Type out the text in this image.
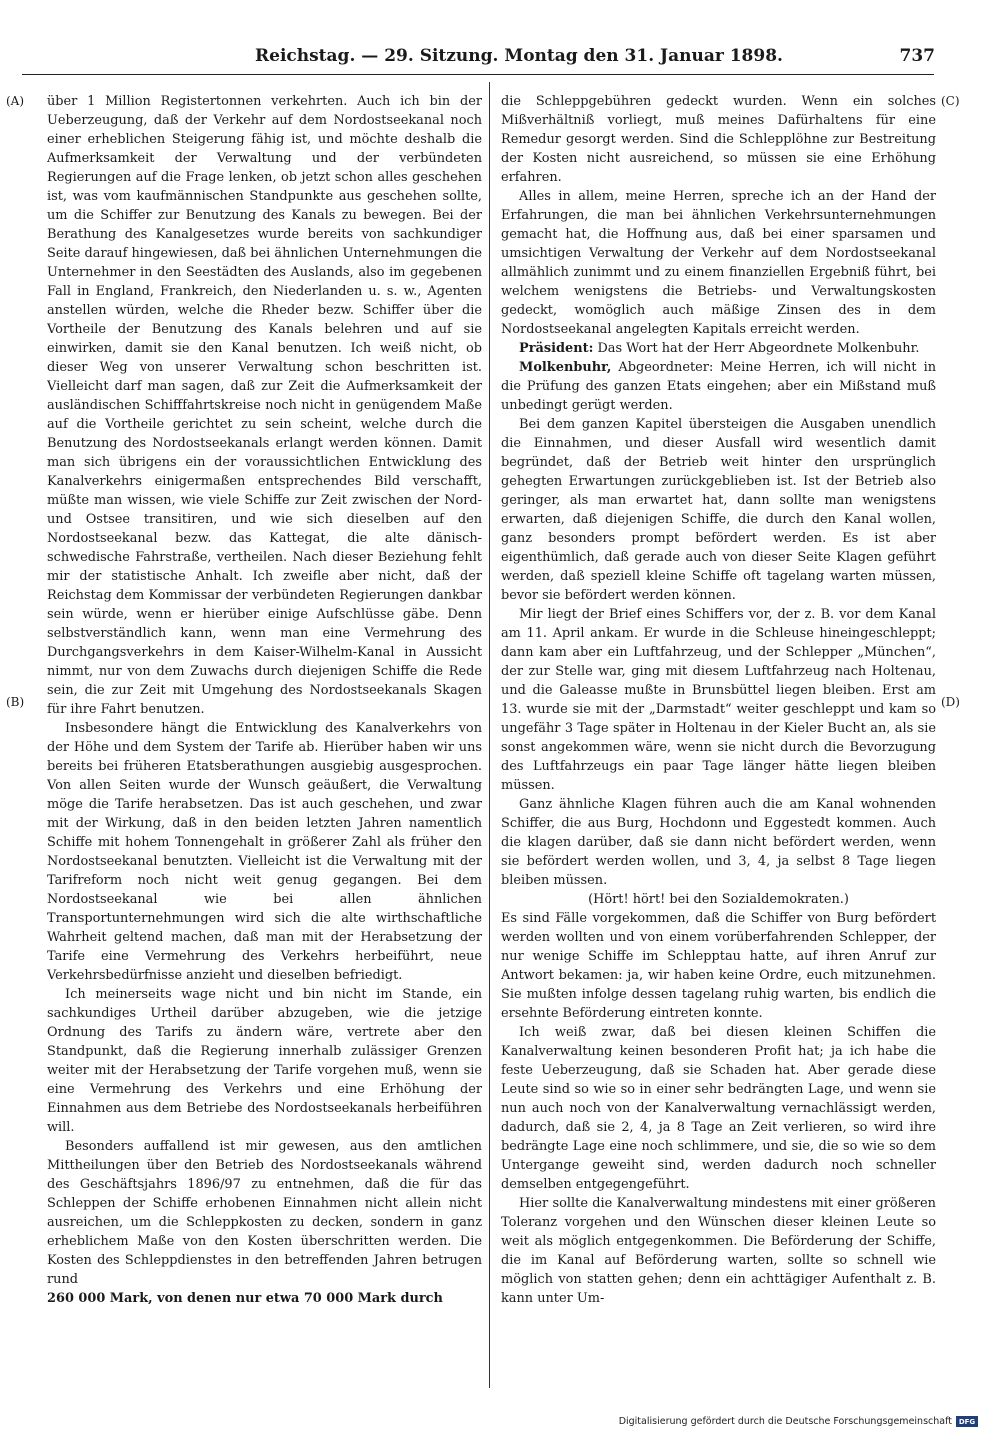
Reichstag. — 29. Sitzung. Montag den 31. Januar 1898.	737
(A)
(B)
(C)
(D)

über 1 Million Registertonnen verkehrten. Auch ich bin der Ueberzeugung, daß der Verkehr auf dem Nordostseekanal noch einer erheblichen Steigerung fähig ist, und möchte deshalb die Aufmerksamkeit der Verwaltung und der verbündeten Regierungen auf die Frage lenken, ob jetzt schon alles geschehen ist, was vom kaufmännischen Standpunkte aus geschehen sollte, um die Schiffer zur Benutzung des Kanals zu bewegen. Bei der Berathung des Kanalgesetzes wurde bereits von sachkundiger Seite darauf hingewiesen, daß bei ähnlichen Unternehmungen die Unternehmer in den Seestädten des Auslands, also im gegebenen Fall in England, Frankreich, den Niederlanden u. s. w., Agenten anstellen würden, welche die Rheder bezw. Schiffer über die Vortheile der Benutzung des Kanals belehren und auf sie einwirken, damit sie den Kanal benutzen. Ich weiß nicht, ob dieser Weg von unserer Verwaltung schon beschritten ist. Vielleicht darf man sagen, daß zur Zeit die Aufmerksamkeit der ausländischen Schifffahrtskreise noch nicht in genügendem Maße auf die Vortheile gerichtet zu sein scheint, welche durch die Benutzung des Nordostseekanals erlangt werden können. Damit man sich übrigens ein der voraussichtlichen Entwicklung des Kanalverkehrs einigermaßen entsprechendes Bild verschafft, müßte man wissen, wie viele Schiffe zur Zeit zwischen der Nord- und Ostsee transitiren, und wie sich dieselben auf den Nordostseekanal bezw. das Kattegat, die alte dänisch-schwedische Fahrstraße, vertheilen. Nach dieser Beziehung fehlt mir der statistische Anhalt. Ich zweifle aber nicht, daß der Reichstag dem Kommissar der verbündeten Regierungen dankbar sein würde, wenn er hierüber einige Aufschlüsse gäbe. Denn selbstverständlich kann, wenn man eine Vermehrung des Durchgangsverkehrs in dem Kaiser-Wilhelm-Kanal in Aussicht nimmt, nur von dem Zuwachs durch diejenigen Schiffe die Rede sein, die zur Zeit mit Umgehung des Nordostseekanals Skagen für ihre Fahrt benutzen.

Insbesondere hängt die Entwicklung des Kanalverkehrs von der Höhe und dem System der Tarife ab. Hierüber haben wir uns bereits bei früheren Etatsberathungen ausgiebig ausgesprochen. Von allen Seiten wurde der Wunsch geäußert, die Verwaltung möge die Tarife herabsetzen. Das ist auch geschehen, und zwar mit der Wirkung, daß in den beiden letzten Jahren namentlich Schiffe mit hohem Tonnengehalt in größerer Zahl als früher den Nordostseekanal benutzten. Vielleicht ist die Verwaltung mit der Tarifreform noch nicht weit genug gegangen. Bei dem Nordostseekanal wie bei allen ähnlichen Transportunternehmungen wird sich die alte wirthschaftliche Wahrheit geltend machen, daß man mit der Herabsetzung der Tarife eine Vermehrung des Verkehrs herbeiführt, neue Verkehrsbedürfnisse anzieht und dieselben befriedigt.

Ich meinerseits wage nicht und bin nicht im Stande, ein sachkundiges Urtheil darüber abzugeben, wie die jetzige Ordnung des Tarifs zu ändern wäre, vertrete aber den Standpunkt, daß die Regierung innerhalb zulässiger Grenzen weiter mit der Herabsetzung der Tarife vorgehen muß, wenn sie eine Vermehrung des Verkehrs und eine Erhöhung der Einnahmen aus dem Betriebe des Nordostseekanals herbeiführen will.

Besonders auffallend ist mir gewesen, aus den amtlichen Mittheilungen über den Betrieb des Nordostseekanals während des Geschäftsjahrs 1896/97 zu entnehmen, daß die für das Schleppen der Schiffe erhobenen Einnahmen nicht allein nicht ausreichen, um die Schleppkosten zu decken, sondern in ganz erheblichem Maße von den Kosten überschritten werden. Die Kosten des Schleppdienstes in den betreffenden Jahren betrugen rund

260 000 Mark, von denen nur etwa 70 000 Mark durch

die Schleppgebühren gedeckt wurden. Wenn ein solches Mißverhältniß vorliegt, muß meines Dafürhaltens für eine Remedur gesorgt werden. Sind die Schlepplöhne zur Bestreitung der Kosten nicht ausreichend, so müssen sie eine Erhöhung erfahren.

Alles in allem, meine Herren, spreche ich an der Hand der Erfahrungen, die man bei ähnlichen Verkehrsunternehmungen gemacht hat, die Hoffnung aus, daß bei einer sparsamen und umsichtigen Verwaltung der Verkehr auf dem Nordostseekanal allmählich zunimmt und zu einem finanziellen Ergebniß führt, bei welchem wenigstens die Betriebs- und Verwaltungskosten gedeckt, womöglich auch mäßige Zinsen des in dem Nordostseekanal angelegten Kapitals erreicht werden.

Präsident: Das Wort hat der Herr Abgeordnete Molkenbuhr.

Molkenbuhr, Abgeordneter: Meine Herren, ich will nicht in die Prüfung des ganzen Etats eingehen; aber ein Mißstand muß unbedingt gerügt werden.

Bei dem ganzen Kapitel übersteigen die Ausgaben unendlich die Einnahmen, und dieser Ausfall wird wesentlich damit begründet, daß der Betrieb weit hinter den ursprünglich gehegten Erwartungen zurückgeblieben ist. Ist der Betrieb also geringer, als man erwartet hat, dann sollte man wenigstens erwarten, daß diejenigen Schiffe, die durch den Kanal wollen, ganz besonders prompt befördert werden. Es ist aber eigenthümlich, daß gerade auch von dieser Seite Klagen geführt werden, daß speziell kleine Schiffe oft tagelang warten müssen, bevor sie befördert werden können.

Mir liegt der Brief eines Schiffers vor, der z. B. vor dem Kanal am 11. April ankam. Er wurde in die Schleuse hineingeschleppt; dann kam aber ein Luftfahrzeug, und der Schlepper „München“, der zur Stelle war, ging mit diesem Luftfahrzeug nach Holtenau, und die Galeasse mußte in Brunsbüttel liegen bleiben. Erst am 13. wurde sie mit der „Darmstadt“ weiter geschleppt und kam so ungefähr 3 Tage später in Holtenau in der Kieler Bucht an, als sie sonst angekommen wäre, wenn sie nicht durch die Bevorzugung des Luftfahrzeugs ein paar Tage länger hätte liegen bleiben müssen.

Ganz ähnliche Klagen führen auch die am Kanal wohnenden Schiffer, die aus Burg, Hochdonn und Eggestedt kommen. Auch die klagen darüber, daß sie dann nicht befördert werden, wenn sie befördert werden wollen, und 3, 4, ja selbst 8 Tage liegen bleiben müssen.

(Hört! hört! bei den Sozialdemokraten.)

Es sind Fälle vorgekommen, daß die Schiffer von Burg befördert werden wollten und von einem vorüberfahrenden Schlepper, der nur wenige Schiffe im Schlepptau hatte, auf ihren Anruf zur Antwort bekamen: ja, wir haben keine Ordre, euch mitzunehmen. Sie mußten infolge dessen tagelang ruhig warten, bis endlich die ersehnte Beförderung eintreten konnte.

Ich weiß zwar, daß bei diesen kleinen Schiffen die Kanalverwaltung keinen besonderen Profit hat; ja ich habe die feste Ueberzeugung, daß sie Schaden hat. Aber gerade diese Leute sind so wie so in einer sehr bedrängten Lage, und wenn sie nun auch noch von der Kanalverwaltung vernachlässigt werden, dadurch, daß sie 2, 4, ja 8 Tage an Zeit verlieren, so wird ihre bedrängte Lage eine noch schlimmere, und sie, die so wie so dem Untergange geweiht sind, werden dadurch noch schneller demselben entgegengeführt.

Hier sollte die Kanalverwaltung mindestens mit einer größeren Toleranz vorgehen und den Wünschen dieser kleinen Leute so weit als möglich entgegenkommen. Die Beförderung der Schiffe, die im Kanal auf Beförderung warten, sollte so schnell wie möglich von statten gehen; denn ein achttägiger Aufenthalt z. B. kann unter Um-

Digitalisierung gefördert durch die Deutsche Forschungsgemeinschaft DFG
